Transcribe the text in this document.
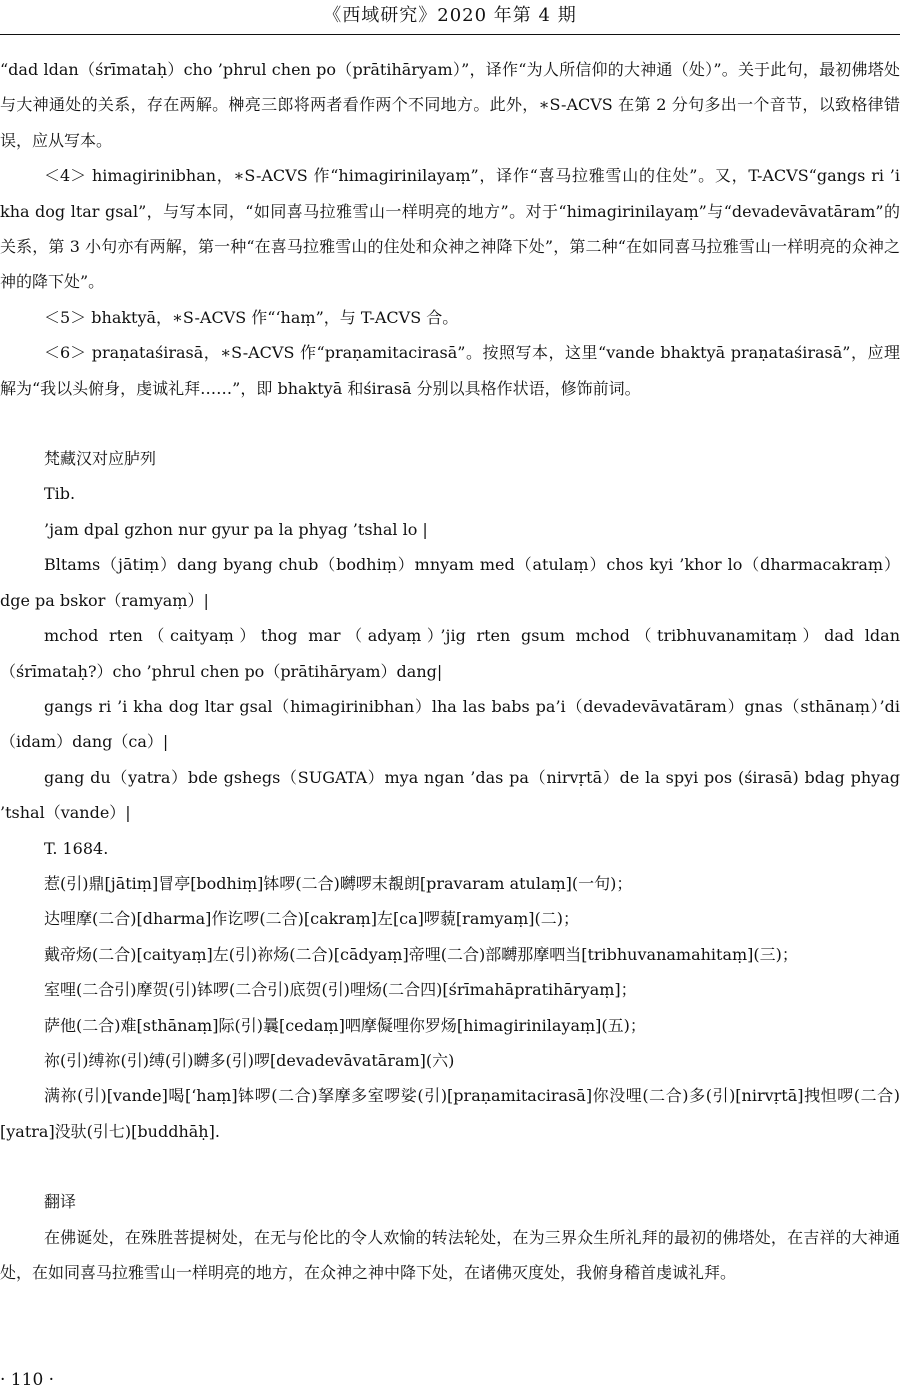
《西域研究》2020 年第 4 期

“dad ldan（śrīmataḥ）cho ’phrul chen po（prātihāryam）”，译作“为人所信仰的大神通（处）”。关于此句，最初佛塔处与大神通处的关系，存在两解。榊亮三郎将两者看作两个不同地方。此外，∗S-ACVS 在第 2 分句多出一个音节，以致格律错误，应从写本。

＜4＞ himagirinibhan，∗S-ACVS 作“himagirinilayaṃ”，译作“喜马拉雅雪山的住处”。又，T-ACVS“gangs ri ’i kha dog ltar gsal”，与写本同，“如同喜马拉雅雪山一样明亮的地方”。对于“himagirinilayaṃ”与“devadevāvatāram”的关系，第 3 小句亦有两解，第一种“在喜马拉雅雪山的住处和众神之神降下处”，第二种“在如同喜马拉雅雪山一样明亮的众神之神的降下处”。

＜5＞ bhaktyā，∗S-ACVS 作“‘haṃ”，与 T-ACVS 合。

＜6＞ praṇataśirasā，∗S-ACVS 作“praṇamitacirasā”。按照写本，这里“vande bhaktyā praṇataśirasā”，应理解为“我以头俯身，虔诚礼拜……”，即 bhaktyā 和śirasā 分别以具格作状语，修饰前词。

梵藏汉对应胪列

Tib.

’jam dpal gzhon nur gyur pa la phyag ’tshal lo |

Bltams（jātiṃ）dang byang chub（bodhiṃ）mnyam med（atulaṃ）chos kyi ’khor lo（dharmacakraṃ）dge pa bskor（ramyaṃ）|

mchod rten（caityaṃ）thog mar（adyaṃ）’jig rten gsum mchod（tribhuvanamitaṃ）dad ldan（śrīmataḥ?）cho ’phrul chen po（prātihāryam）dang|

gangs ri ’i kha dog ltar gsal（himagirinibhan）lha las babs pa’i（devadevāvatāram）gnas（sthānaṃ）’di（idam）dang（ca）|

gang du（yatra）bde gshegs（SUGATA）mya ngan ’das pa（nirvṛtā）de la spyi pos (śirasā) bdag phyag ’tshal（vande）|

T. 1684.

惹(引)鼎[jātiṃ]冒亭[bodhiṃ]钵啰(二合)嚩啰末覩朗[pravaram atulaṃ](一句)；

达哩摩(二合)[dharma]作讫啰(二合)[cakraṃ]左[ca]啰藐[ramyaṃ](二)；

戴帝炀(二合)[caityaṃ]左(引)祢炀(二合)[cādyaṃ]帝哩(二合)部嚩那摩呬当[tribhuvanamahitaṃ](三)；

室哩(二合引)摩贺(引)钵啰(二合引)底贺(引)哩炀(二合四)[śrīmahāpratihāryaṃ]；

萨他(二合)难[sthānaṃ]际(引)曩[cedaṃ]呬摩儗哩你罗炀[himagirinilayaṃ](五)；

祢(引)缚祢(引)缚(引)嚩多(引)啰[devadevāvatāram](六)

满祢(引)[vande]喝[‘haṃ]钵啰(二合)拏摩多室啰娑(引)[praṇamitacirasā]你没哩(二合)多(引)[nirvṛtā]拽怛啰(二合)[yatra]没驮(引七)[buddhāḥ].

翻译

在佛诞处，在殊胜菩提树处，在无与伦比的令人欢愉的转法轮处，在为三界众生所礼拜的最初的佛塔处，在吉祥的大神通处，在如同喜马拉雅雪山一样明亮的地方，在众神之神中降下处，在诸佛灭度处，我俯身稽首虔诚礼拜。

· 110 ·
